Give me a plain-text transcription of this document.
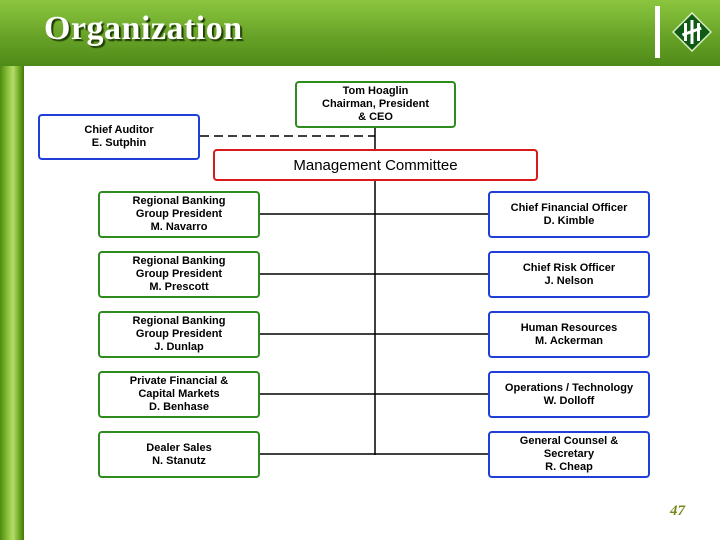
Organization
Tom Hoaglin
Chairman, President
& CEO
Chief Auditor
E. Sutphin
Management Committee
Regional Banking
Group President
M. Navarro
Regional Banking
Group President
M. Prescott
Regional Banking
Group President
J. Dunlap
Private Financial &
Capital Markets
D. Benhase
Dealer Sales
N. Stanutz
Chief Financial Officer
D. Kimble
Chief Risk Officer
J. Nelson
Human Resources
M. Ackerman
Operations / Technology
W. Dolloff
General Counsel &
Secretary
R. Cheap
47
